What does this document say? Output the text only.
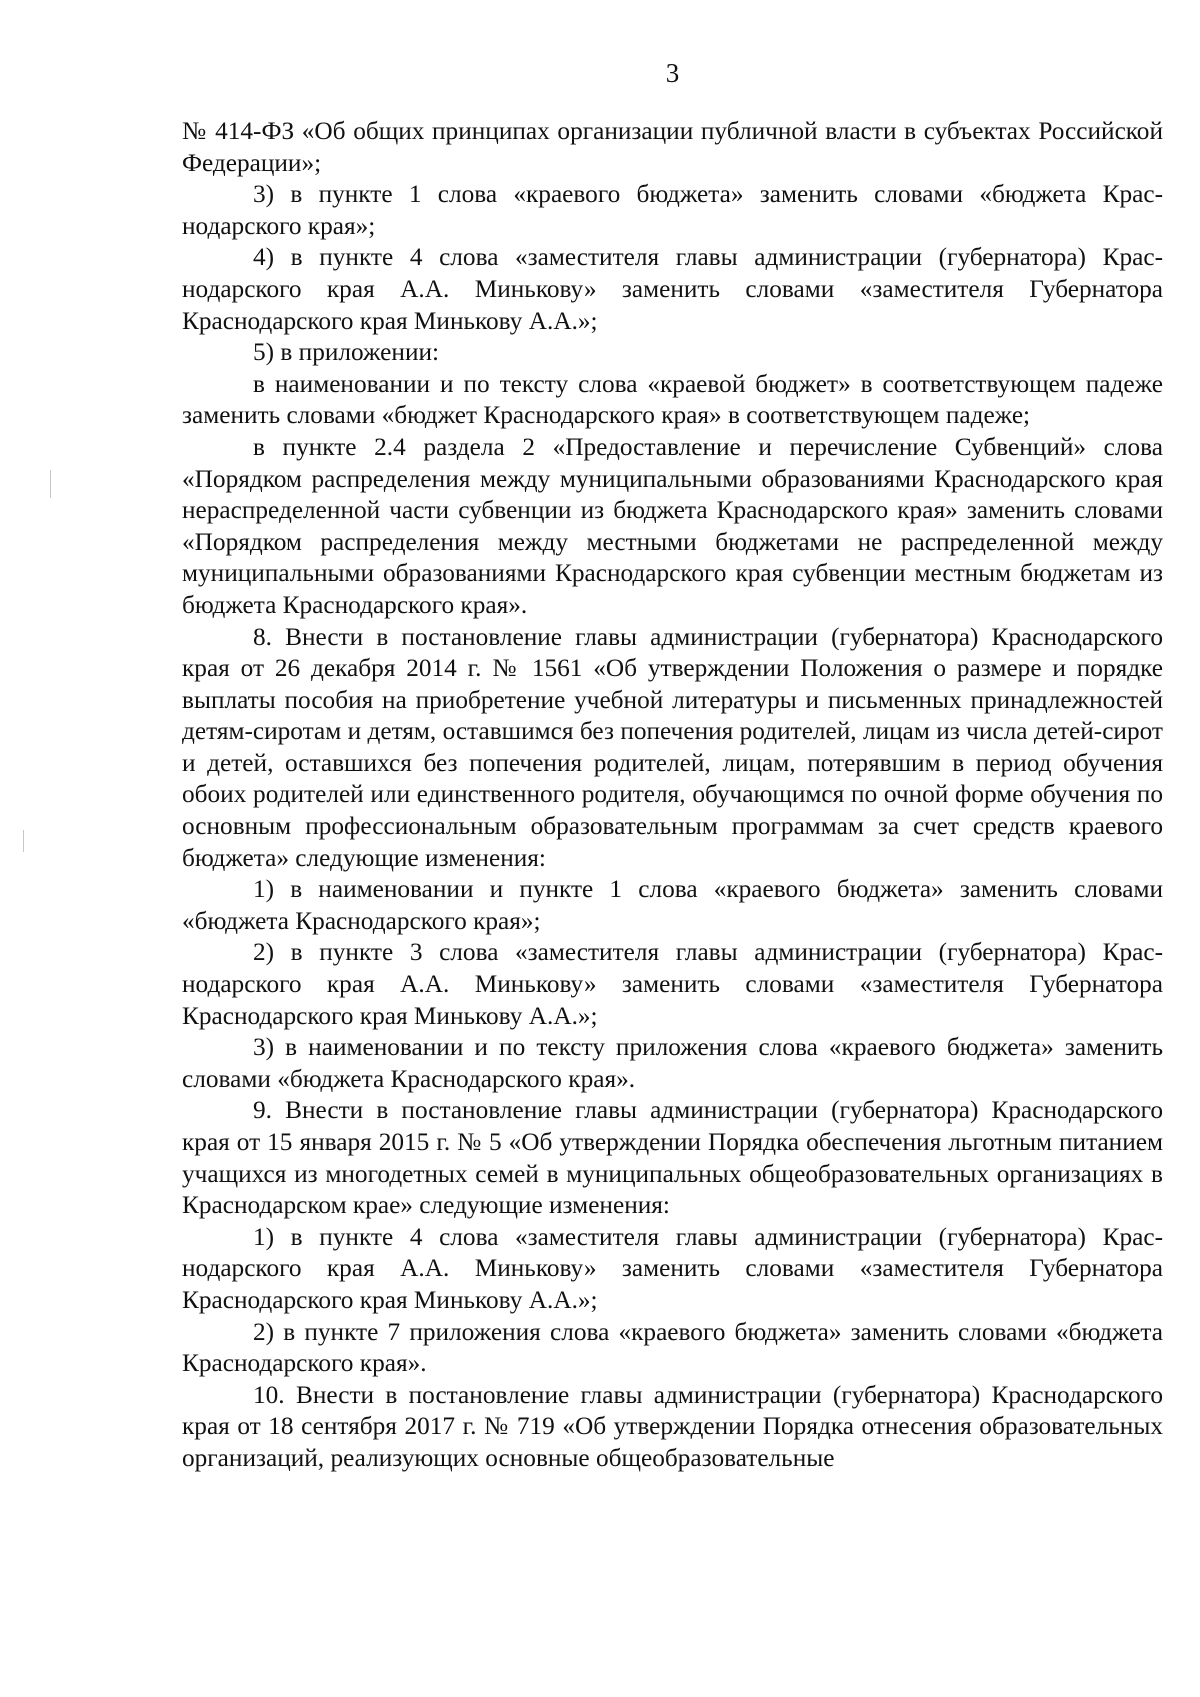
3

№ 414-ФЗ «Об общих принципах организации публичной власти в субъектах Российской Федерации»;

3) в пункте 1 слова «краевого бюджета» заменить словами «бюджета Краснодарского края»;

4) в пункте 4 слова «заместителя главы администрации (губернатора) Краснодарского края А.А. Минькову» заменить словами «заместителя Губернатора Краснодарского края Минькову А.А.»;

5) в приложении:

в наименовании и по тексту слова «краевой бюджет» в соответствующем падеже заменить словами «бюджет Краснодарского края» в соответствующем падеже;

в пункте 2.4 раздела 2 «Предоставление и перечисление Субвенций» слова «Порядком распределения между муниципальными образованиями Краснодарского края нераспределенной части субвенции из бюджета Краснодарского края» заменить словами «Порядком распределения между местными бюджетами не распределенной между муниципальными образованиями Краснодарского края субвенции местным бюджетам из бюджета Краснодарского края».

8. Внести в постановление главы администрации (губернатора) Краснодарского края от 26 декабря 2014 г. № 1561 «Об утверждении Положения о размере и порядке выплаты пособия на приобретение учебной литературы и письменных принадлежностей детям-сиротам и детям, оставшимся без попечения родителей, лицам из числа детей-сирот и детей, оставшихся без попечения родителей, лицам, потерявшим в период обучения обоих родителей или единственного родителя, обучающимся по очной форме обучения по основным профессиональным образовательным программам за счет средств краевого бюджета» следующие изменения:

1) в наименовании и пункте 1 слова «краевого бюджета» заменить словами «бюджета Краснодарского края»;

2) в пункте 3 слова «заместителя главы администрации (губернатора) Краснодарского края А.А. Минькову» заменить словами «заместителя Губернатора Краснодарского края Минькову А.А.»;

3) в наименовании и по тексту приложения слова «краевого бюджета» заменить словами «бюджета Краснодарского края».

9. Внести в постановление главы администрации (губернатора) Краснодарского края от 15 января 2015 г. № 5 «Об утверждении Порядка обеспечения льготным питанием учащихся из многодетных семей в муниципальных общеобразовательных организациях в Краснодарском крае» следующие изменения:

1) в пункте 4 слова «заместителя главы администрации (губернатора) Краснодарского края А.А. Минькову» заменить словами «заместителя Губернатора Краснодарского края Минькову А.А.»;

2) в пункте 7 приложения слова «краевого бюджета» заменить словами «бюджета Краснодарского края».

10. Внести в постановление главы администрации (губернатора) Краснодарского края от 18 сентября 2017 г. № 719 «Об утверждении Порядка отнесения образовательных организаций, реализующих основные общеобразовательные
